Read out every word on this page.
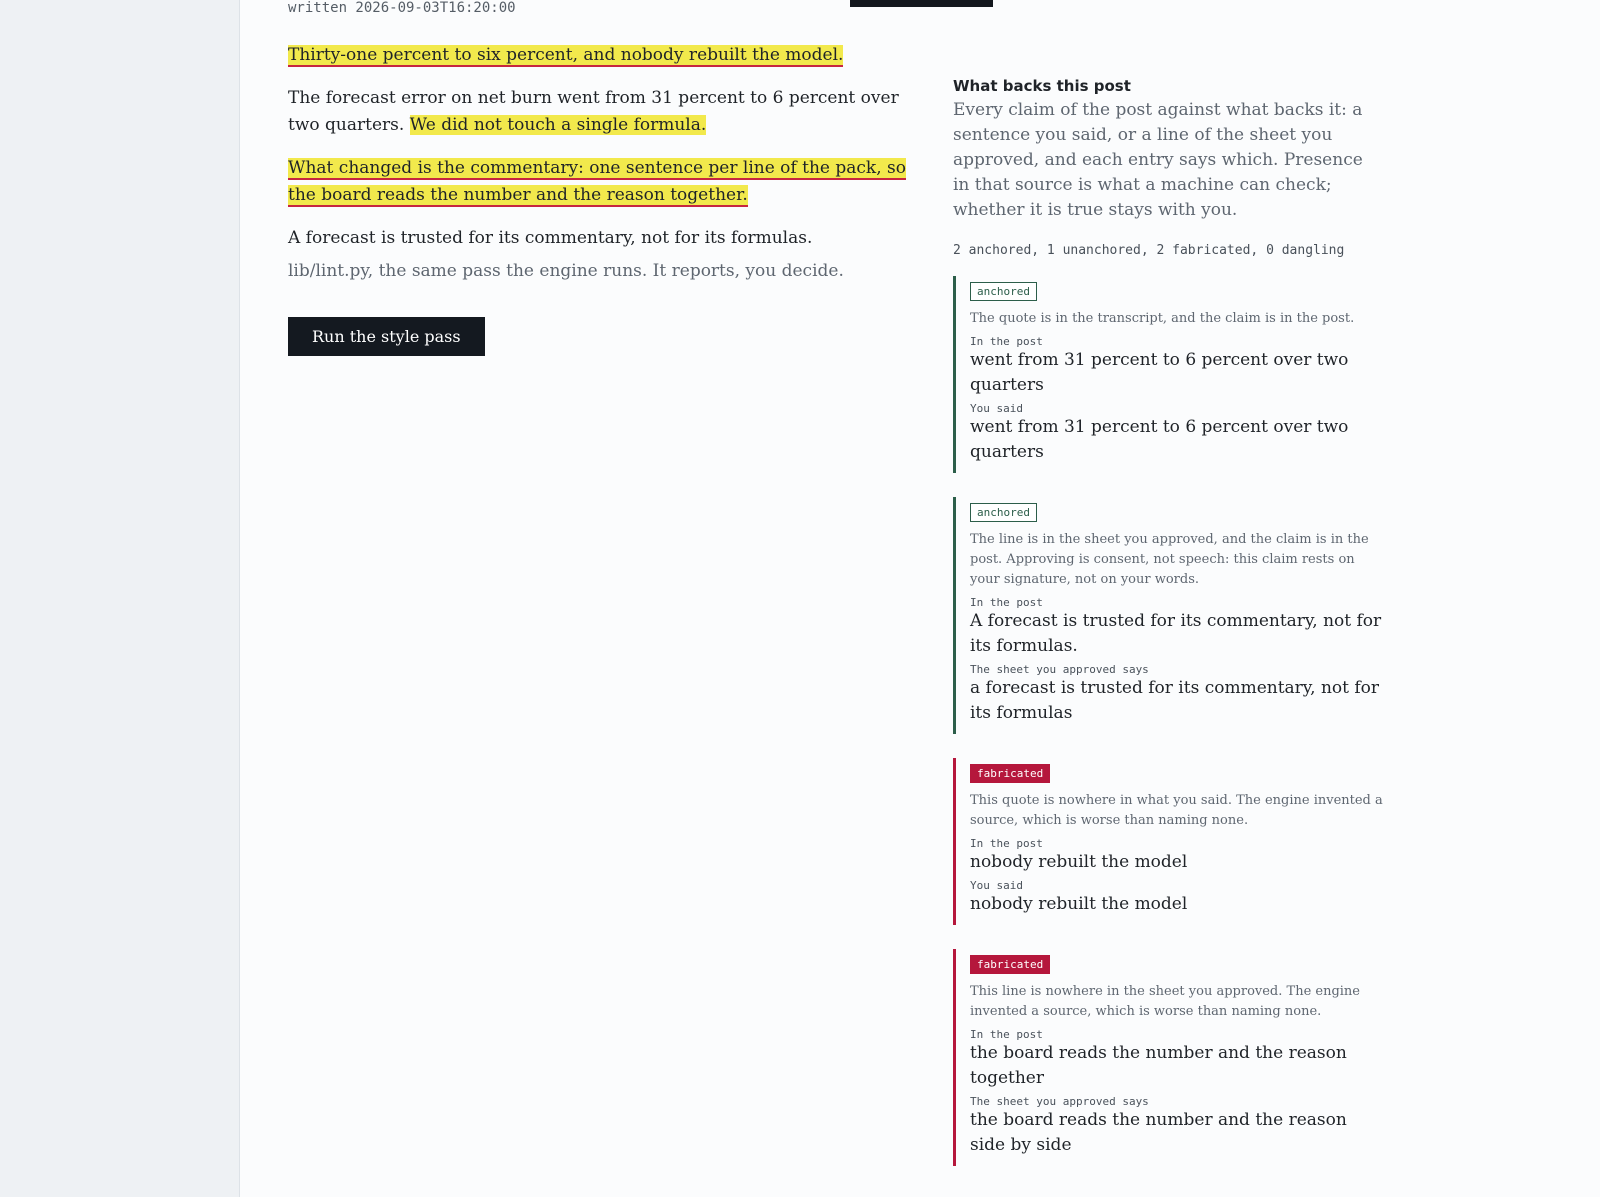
written 2026-09-03T16:20:00

Thirty-one percent to six percent, and nobody rebuilt the model.

The forecast error on net burn went from 31 percent to 6 percent over two quarters. We did not touch a single formula.

What changed is the commentary: one sentence per line of the pack, so the board reads the number and the reason together.

A forecast is trusted for its commentary, not for its formulas.

lib/lint.py, the same pass the engine runs. It reports, you decide.

Run the style pass
What backs this post

Every claim of the post against what backs it: a sentence you said, or a line of the sheet you approved, and each entry says which. Presence in that source is what a machine can check; whether it is true stays with you.

2 anchored, 1 unanchored, 2 fabricated, 0 dangling
anchored
The quote is in the transcript, and the claim is in the post.
In the post
went from 31 percent to 6 percent over two quarters
You said
went from 31 percent to 6 percent over two quarters
anchored
The line is in the sheet you approved, and the claim is in the post. Approving is consent, not speech: this claim rests on your signature, not on your words.
In the post
A forecast is trusted for its commentary, not for its formulas.
The sheet you approved says
a forecast is trusted for its commentary, not for its formulas
fabricated
This quote is nowhere in what you said. The engine invented a source, which is worse than naming none.
In the post
nobody rebuilt the model
You said
nobody rebuilt the model
fabricated
This line is nowhere in the sheet you approved. The engine invented a source, which is worse than naming none.
In the post
the board reads the number and the reason together
The sheet you approved says
the board reads the number and the reason side by side
